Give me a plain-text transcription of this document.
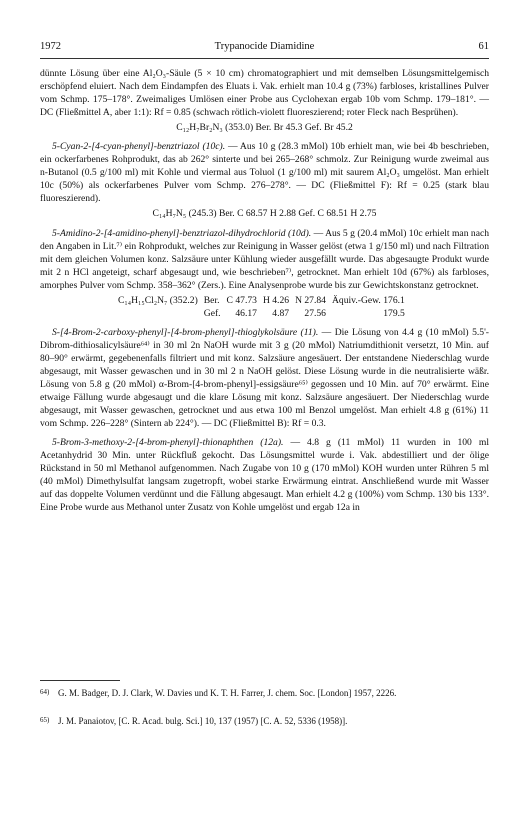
1972	Trypanocide Diamidine	61

dünnte Lösung über eine Al₂O₃-Säule (5 × 10 cm) chromatographiert und mit demselben Lösungsmittelgemisch erschöpfend eluiert. Nach dem Eindampfen des Eluats i. Vak. erhielt man 10.4 g (73%) farbloses, kristallines Pulver vom Schmp. 175–178°. Zweimaliges Umlösen einer Probe aus Cyclohexan ergab 10b vom Schmp. 179–181°. — DC (Fließmittel A, aber 1:1): Rf = 0.85 (schwach rötlich-violett fluoreszierend; roter Fleck nach Besprühen).

C₁₂H₇Br₂N₃ (353.0) Ber. Br 45.3 Gef. Br 45.2

5-Cyan-2-[4-cyan-phenyl]-benztriazol (10c). — Aus 10 g (28.3 mMol) 10b erhielt man, wie bei 4b beschrieben, ein ockerfarbenes Rohprodukt, das ab 262° sinterte und bei 265–268° schmolz. Zur Reinigung wurde zweimal aus n-Butanol (0.5 g/100 ml) mit Kohle und viermal aus Toluol (1 g/100 ml) mit saurem Al₂O₃ umgelöst. Man erhielt 10c (50%) als ockerfarbenes Pulver vom Schmp. 276–278°. — DC (Fließmittel F): Rf = 0.25 (stark blau fluoreszierend).

C₁₄H₇N₅ (245.3) Ber. C 68.57 H 2.88 Gef. C 68.51 H 2.75

5-Amidino-2-[4-amidino-phenyl]-benztriazol-dihydrochlorid (10d). — Aus 5 g (20.4 mMol) 10c erhielt man nach den Angaben in Lit.⁷⁾ ein Rohprodukt, welches zur Reinigung in Wasser gelöst (etwa 1 g/150 ml) und nach Filtration mit dem gleichen Volumen konz. Salzsäure unter Kühlung wieder ausgefällt wurde. Das abgesaugte Produkt wurde mit 2 n HCl angeteigt, scharf abgesaugt und, wie beschrieben⁷⁾, getrocknet. Man erhielt 10d (67%) als farbloses, amorphes Pulver vom Schmp. 358–362° (Zers.). Eine Analysenprobe wurde bis zur Gewichtskonstanz getrocknet.

C₁₄H₁₅Cl₂N₇ (352.2)	Ber.	C 47.73	H 4.26	N 27.84	Äquiv.-Gew. 176.1
	Gef.	46.17	4.87	27.56	179.5

S-[4-Brom-2-carboxy-phenyl]-[4-brom-phenyl]-thioglykolsäure (11). — Die Lösung von 4.4 g (10 mMol) 5.5'-Dibrom-dithiosalicylsäure⁶⁴⁾ in 30 ml 2n NaOH wurde mit 3 g (20 mMol) Natriumdithionit versetzt, 10 Min. auf 80–90° erwärmt, gegebenenfalls filtriert und mit konz. Salzsäure angesäuert. Der entstandene Niederschlag wurde abgesaugt, mit Wasser gewaschen und in 30 ml 2 n NaOH gelöst. Diese Lösung wurde in die neutralisierte wäßr. Lösung von 5.8 g (20 mMol) α-Brom-[4-brom-phenyl]-essigsäure⁶⁵⁾ gegossen und 10 Min. auf 70° erwärmt. Eine etwaige Fällung wurde abgesaugt und die klare Lösung mit konz. Salzsäure angesäuert. Der Niederschlag wurde abgesaugt, mit Wasser gewaschen, getrocknet und aus etwa 100 ml Benzol umgelöst. Man erhielt 4.8 g (61%) 11 vom Schmp. 226–228° (Sintern ab 224°). — DC (Fließmittel B): Rf = 0.3.

5-Brom-3-methoxy-2-[4-brom-phenyl]-thionaphthen (12a). — 4.8 g (11 mMol) 11 wurden in 100 ml Acetanhydrid 30 Min. unter Rückfluß gekocht. Das Lösungsmittel wurde i. Vak. abdestilliert und der ölige Rückstand in 50 ml Methanol aufgenommen. Nach Zugabe von 10 g (170 mMol) KOH wurden unter Rühren 5 ml (40 mMol) Dimethylsulfat langsam zugetropft, wobei starke Erwärmung eintrat. Anschließend wurde mit Wasser auf das doppelte Volumen verdünnt und die Fällung abgesaugt. Man erhielt 4.2 g (100%) vom Schmp. 130 bis 133°. Eine Probe wurde aus Methanol unter Zusatz von Kohle umgelöst und ergab 12a in

64) G. M. Badger, D. J. Clark, W. Davies und K. T. H. Farrer, J. chem. Soc. [London] 1957, 2226.
65) J. M. Panaiotov, [C. R. Acad. bulg. Sci.] 10, 137 (1957) [C. A. 52, 5336 (1958)].
